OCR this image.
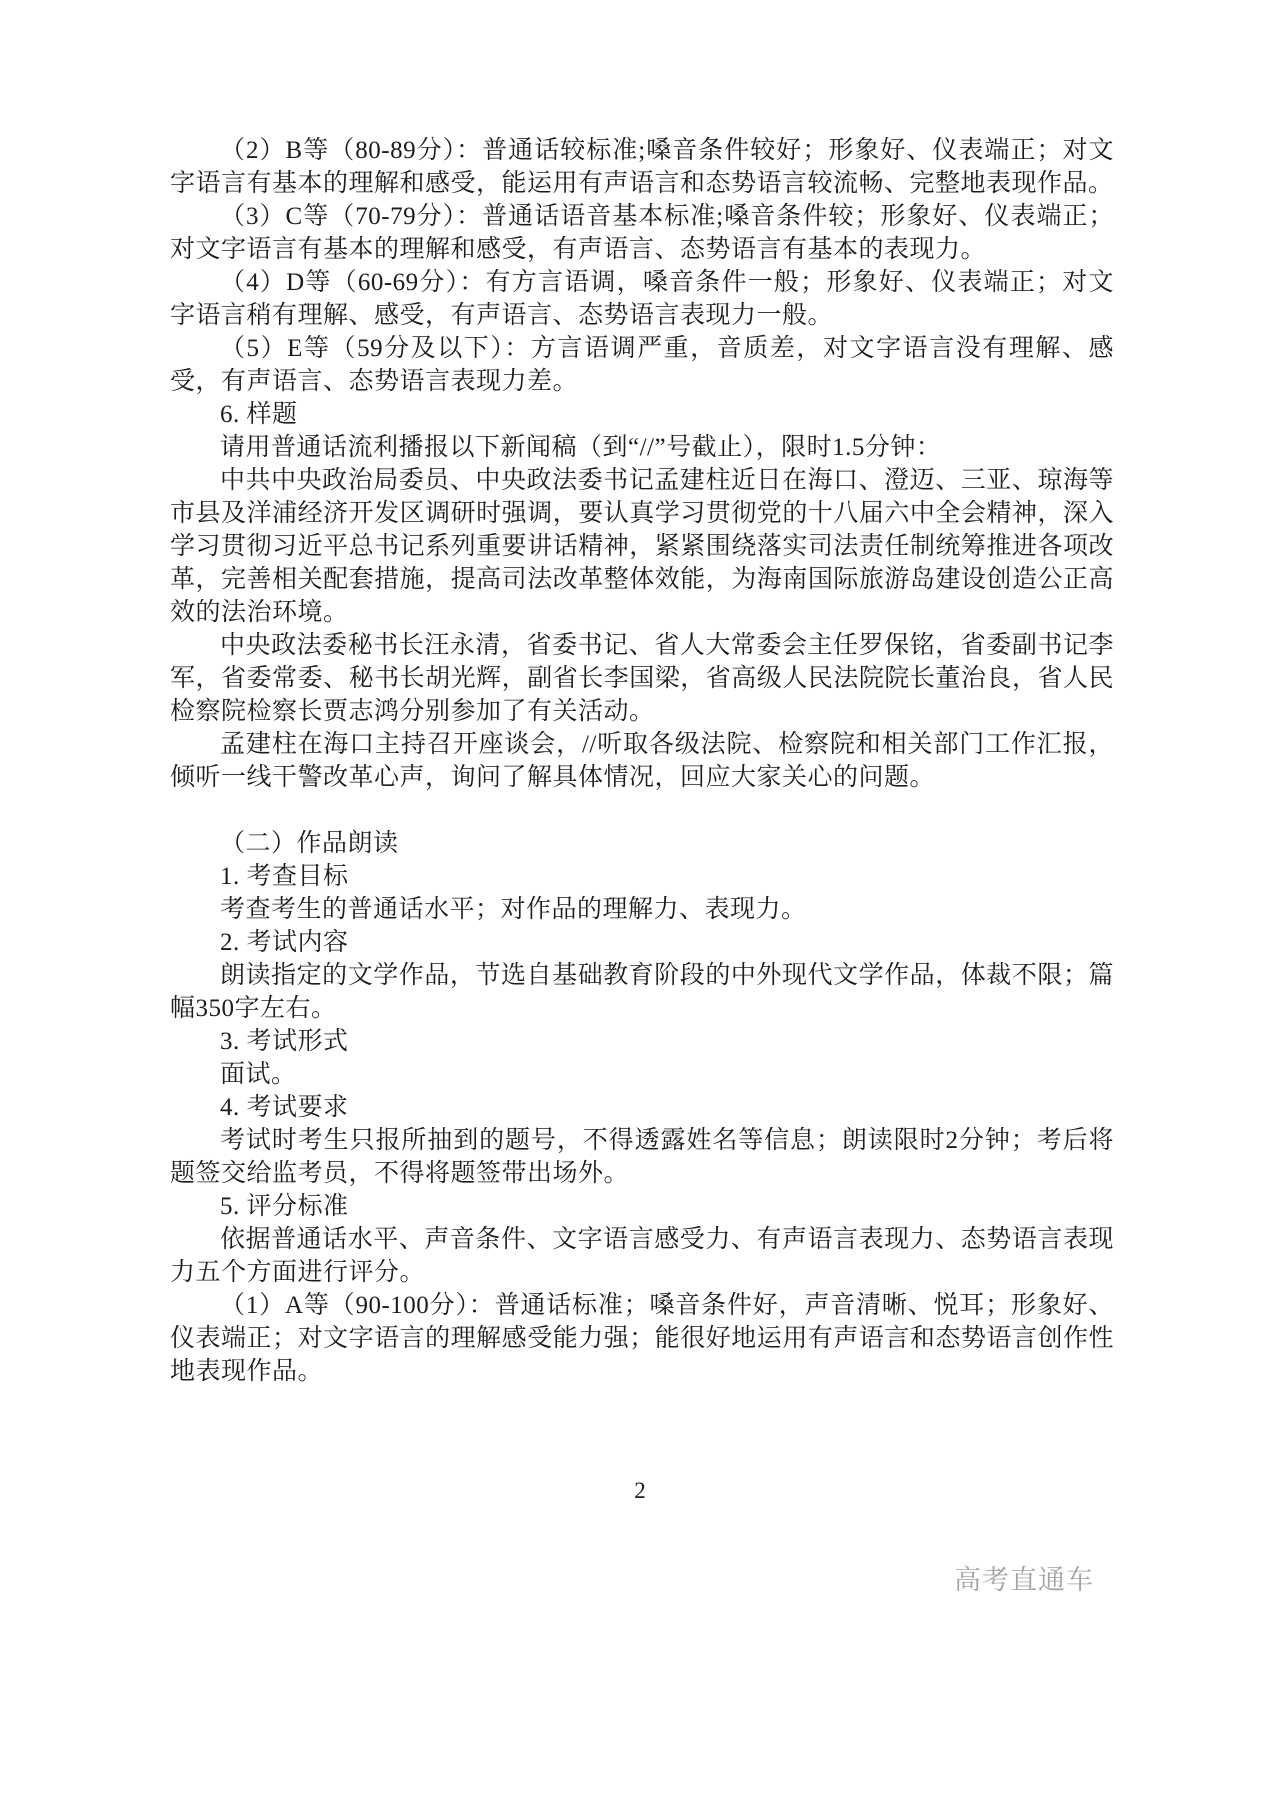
（2）B等（80-89分）：普通话较标准;嗓音条件较好；形象好、仪表端正；对文字语言有基本的理解和感受，能运用有声语言和态势语言较流畅、完整地表现作品。

（3）C等（70-79分）：普通话语音基本标准;嗓音条件较；形象好、仪表端正；对文字语言有基本的理解和感受，有声语言、态势语言有基本的表现力。

（4）D等（60-69分）：有方言语调，嗓音条件一般；形象好、仪表端正；对文字语言稍有理解、感受，有声语言、态势语言表现力一般。

（5）E等（59分及以下）：方言语调严重，音质差，对文字语言没有理解、感受，有声语言、态势语言表现力差。

6. 样题

请用普通话流利播报以下新闻稿（到“//”号截止），限时1.5分钟：

中共中央政治局委员、中央政法委书记孟建柱近日在海口、澄迈、三亚、琼海等市县及洋浦经济开发区调研时强调，要认真学习贯彻党的十八届六中全会精神，深入学习贯彻习近平总书记系列重要讲话精神，紧紧围绕落实司法责任制统筹推进各项改革，完善相关配套措施，提高司法改革整体效能，为海南国际旅游岛建设创造公正高效的法治环境。

中央政法委秘书长汪永清，省委书记、省人大常委会主任罗保铭，省委副书记李军，省委常委、秘书长胡光辉，副省长李国梁，省高级人民法院院长董治良，省人民检察院检察长贾志鸿分别参加了有关活动。

孟建柱在海口主持召开座谈会，//听取各级法院、检察院和相关部门工作汇报，倾听一线干警改革心声，询问了解具体情况，回应大家关心的问题。

（二）作品朗读

1. 考查目标

考查考生的普通话水平；对作品的理解力、表现力。

2. 考试内容

朗读指定的文学作品，节选自基础教育阶段的中外现代文学作品，体裁不限；篇幅350字左右。

3. 考试形式

面试。

4. 考试要求

考试时考生只报所抽到的题号，不得透露姓名等信息；朗读限时2分钟；考后将题签交给监考员，不得将题签带出场外。

5. 评分标准

依据普通话水平、声音条件、文字语言感受力、有声语言表现力、态势语言表现力五个方面进行评分。

（1）A等（90-100分）：普通话标准；嗓音条件好，声音清晰、悦耳；形象好、仪表端正；对文字语言的理解感受能力强；能很好地运用有声语言和态势语言创作性地表现作品。

2
高考直通车
